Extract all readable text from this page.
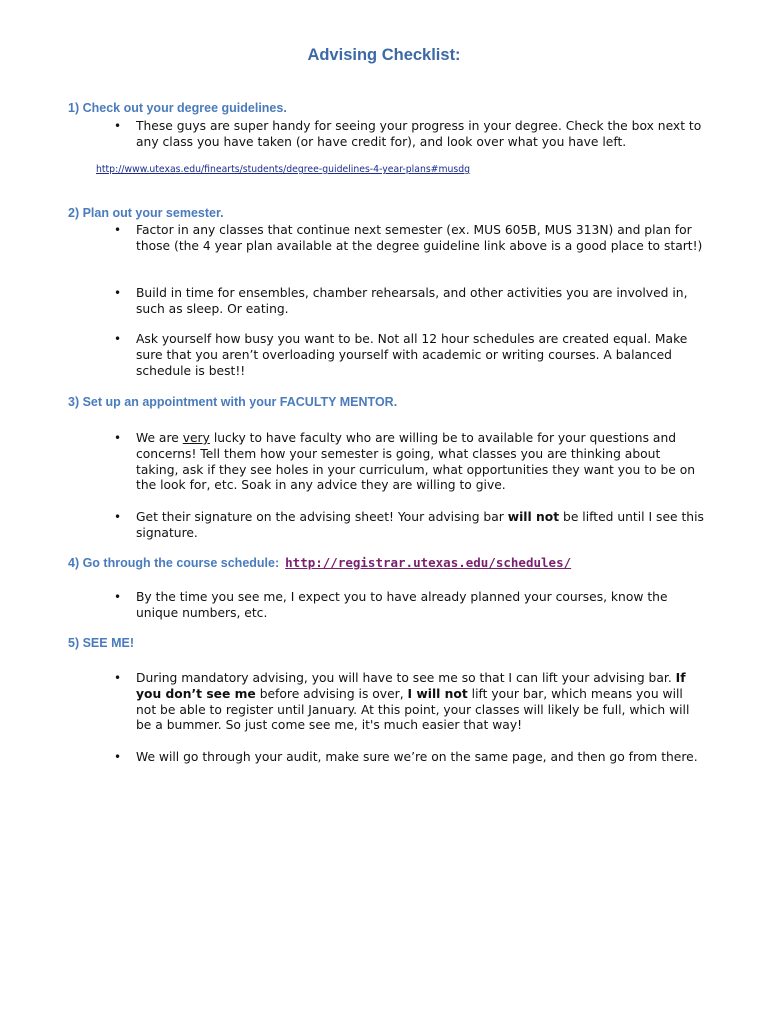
Advising Checklist:
1) Check out your degree guidelines.
• These guys are super handy for seeing your progress in your degree. Check the box next to any class you have taken (or have credit for), and look over what you have left.
http://www.utexas.edu/finearts/students/degree-guidelines-4-year-plans#musdg
2) Plan out your semester.
• Factor in any classes that continue next semester (ex. MUS 605B, MUS 313N) and plan for those (the 4 year plan available at the degree guideline link above is a good place to start!)
• Build in time for ensembles, chamber rehearsals, and other activities you are involved in, such as sleep. Or eating.
• Ask yourself how busy you want to be. Not all 12 hour schedules are created equal. Make sure that you aren’t overloading yourself with academic or writing courses. A balanced schedule is best!!
3) Set up an appointment with your FACULTY MENTOR.
• We are very lucky to have faculty who are willing be to available for your questions and concerns! Tell them how your semester is going, what classes you are thinking about taking, ask if they see holes in your curriculum, what opportunities they want you to be on the look for, etc. Soak in any advice they are willing to give.
• Get their signature on the advising sheet! Your advising bar will not be lifted until I see this signature.
4) Go through the course schedule: http://registrar.utexas.edu/schedules/
• By the time you see me, I expect you to have already planned your courses, know the unique numbers, etc.
5) SEE ME!
• During mandatory advising, you will have to see me so that I can lift your advising bar. If you don’t see me before advising is over, I will not lift your bar, which means you will not be able to register until January. At this point, your classes will likely be full, which will be a bummer. So just come see me, it's much easier that way!
• We will go through your audit, make sure we’re on the same page, and then go from there.
